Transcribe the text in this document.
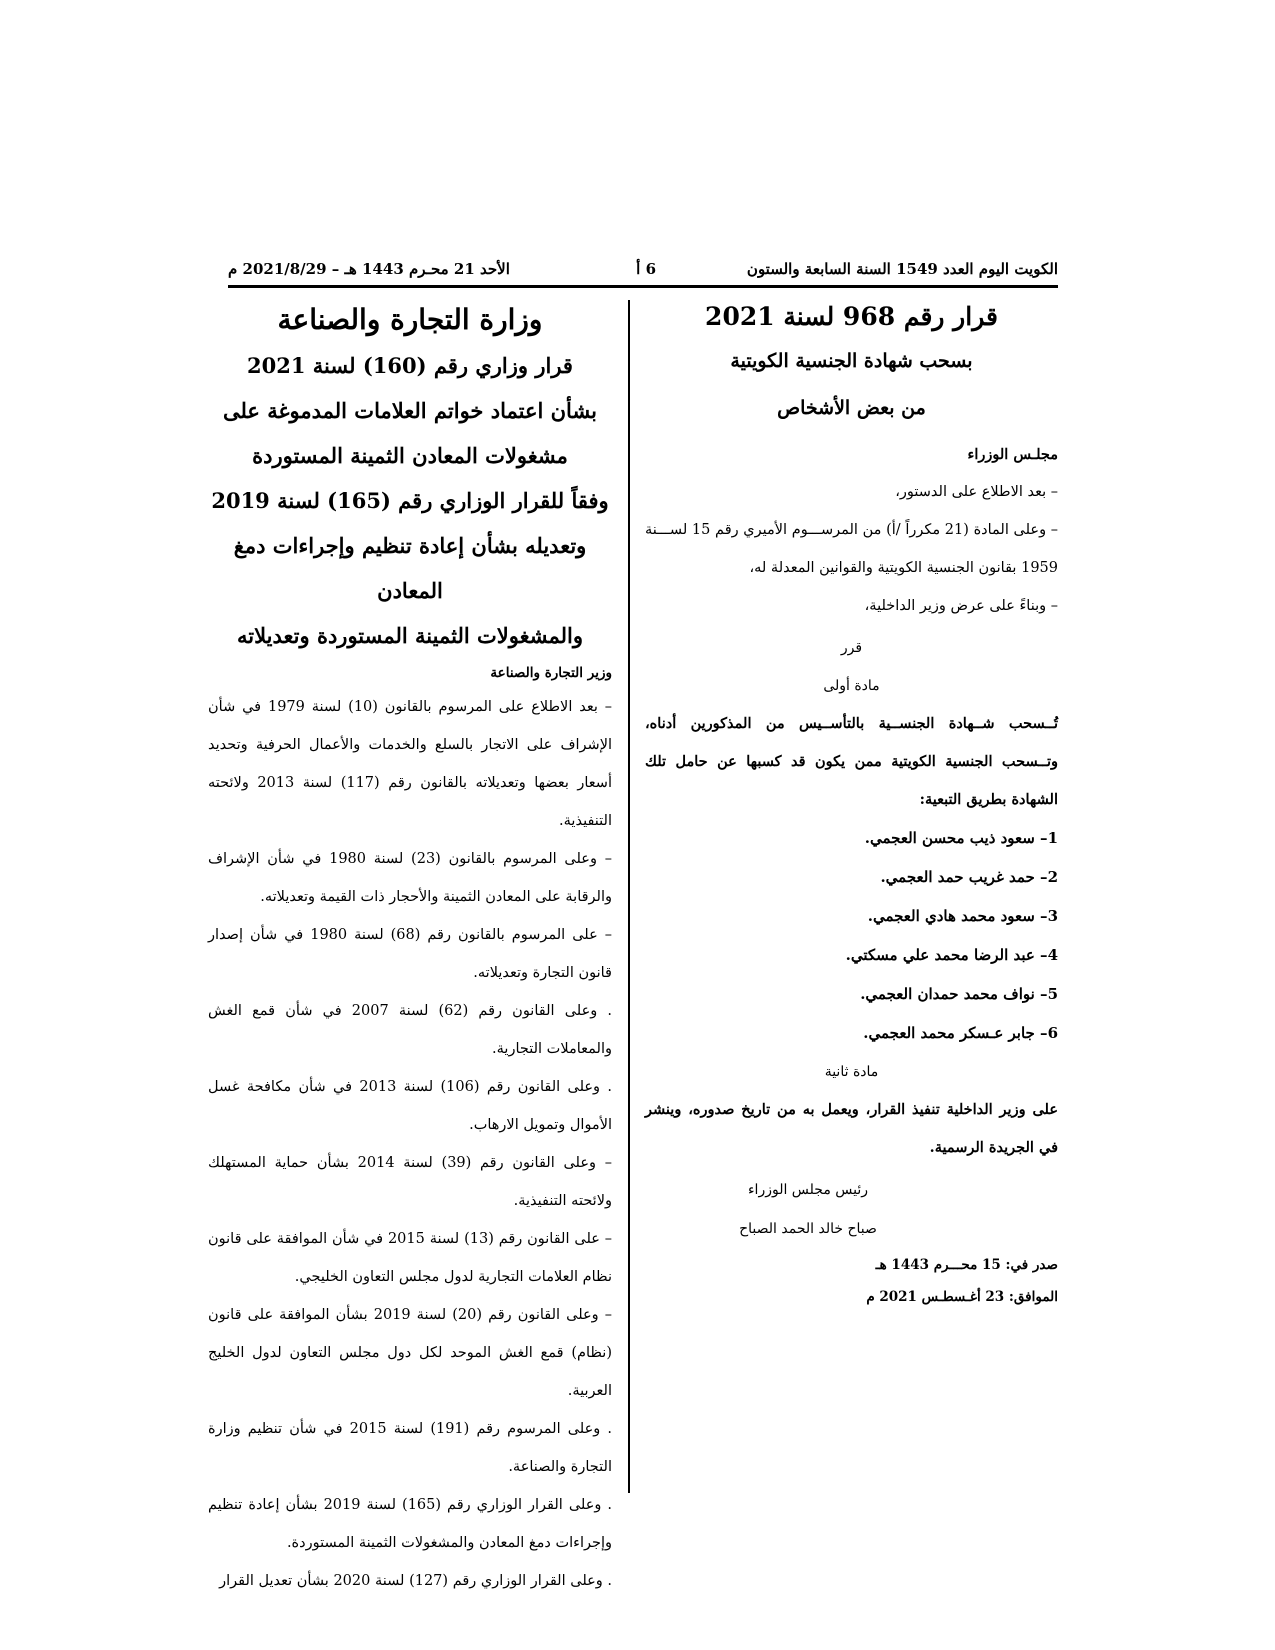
الكويت اليوم العدد 1549 السنة السابعة والستون
6 أ
الأحد 21 محـرم 1443 هـ – 2021/8/29 م
قرار رقم 968 لسنة 2021
بسحب شهادة الجنسية الكويتية
من بعض الأشخاص
مجلـس الوزراء
– بعد الاطلاع على الدستور،
– وعلى المادة (21 مكرراً /أ) من المرســـوم الأميري رقم 15 لســـنة 1959 بقانون الجنسية الكويتية والقوانين المعدلة له،
– وبناءً على عرض وزير الداخلية،
قرر
مادة أولى
تُــسحب شــهادة الجنســية بالتأســيس من المذكورين أدناه، وتــسحب الجنسية الكويتية ممن يكون قد كسبها عن حامل تلك الشهادة بطريق التبعية:
1– سعود ذيب محسن العجمي.
2– حمد غريب حمد العجمي.
3– سعود محمد هادي العجمي.
4– عبد الرضا محمد علي مسكتي.
5– نواف محمد حمدان العجمي.
6– جابر عـسكر محمد العجمي.
مادة ثانية
على وزير الداخلية تنفيذ القرار، ويعمل به من تاريخ صدوره، وينشر في الجريدة الرسمية.
رئيس مجلس الوزراء
صباح خالد الحمد الصباح
صدر في: 15 محـــرم 1443 هـ
الموافق: 23 أغـسطـس 2021 م
وزارة التجارة والصناعة
قرار وزاري رقم (160) لسنة 2021
بشأن اعتماد خواتم العلامات المدموغة على
مشغولات المعادن الثمينة المستوردة
وفقاً للقرار الوزاري رقم (165) لسنة 2019
وتعديله بشأن إعادة تنظيم وإجراءات دمغ المعادن
والمشغولات الثمينة المستوردة وتعديلاته
وزير التجارة والصناعة
– بعد الاطلاع على المرسوم بالقانون (10) لسنة 1979 في شأن الإشراف على الاتجار بالسلع والخدمات والأعمال الحرفية وتحديد أسعار بعضها وتعديلاته بالقانون رقم (117) لسنة 2013 ولائحته التنفيذية.
– وعلى المرسوم بالقانون (23) لسنة 1980 في شأن الإشراف والرقابة على المعادن الثمينة والأحجار ذات القيمة وتعديلاته.
– على المرسوم بالقانون رقم (68) لسنة 1980 في شأن إصدار قانون التجارة وتعديلاته.
. وعلى القانون رقم (62) لسنة 2007 في شأن قمع الغش والمعاملات التجارية.
. وعلى القانون رقم (106) لسنة 2013 في شأن مكافحة غسل الأموال وتمويل الارهاب.
– وعلى القانون رقم (39) لسنة 2014 بشأن حماية المستهلك ولائحته التنفيذية.
– على القانون رقم (13) لسنة 2015 في شأن الموافقة على قانون نظام العلامات التجارية لدول مجلس التعاون الخليجي.
– وعلى القانون رقم (20) لسنة 2019 بشأن الموافقة على قانون (نظام) قمع الغش الموحد لكل دول مجلس التعاون لدول الخليج العربية.
. وعلى المرسوم رقم (191) لسنة 2015 في شأن تنظيم وزارة التجارة والصناعة.
. وعلى القرار الوزاري رقم (165) لسنة 2019 بشأن إعادة تنظيم وإجراءات دمغ المعادن والمشغولات الثمينة المستوردة.
. وعلى القرار الوزاري رقم (127) لسنة 2020 بشأن تعديل القرار
